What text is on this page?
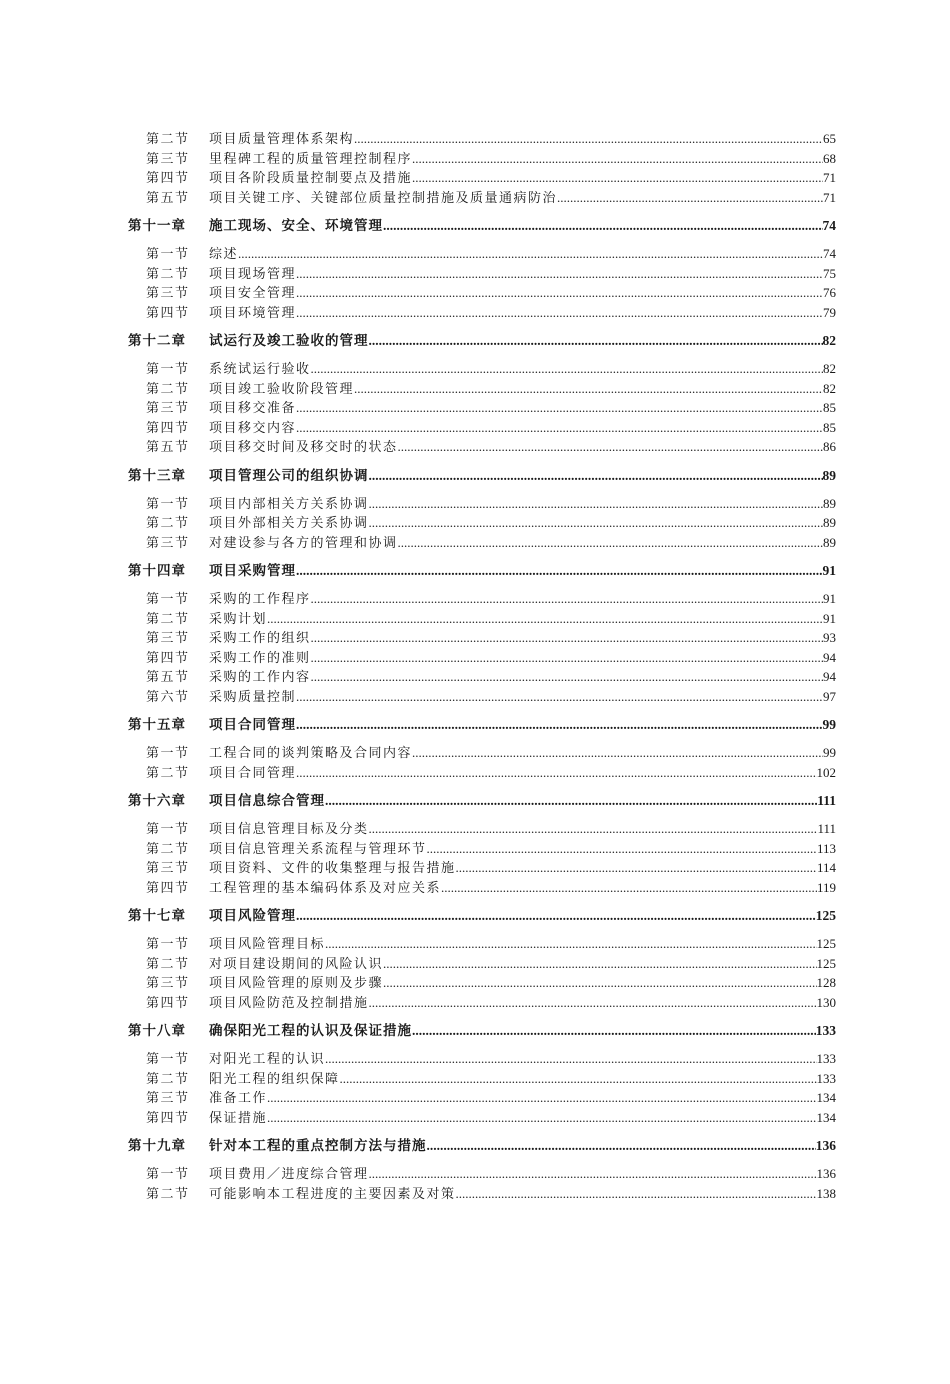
第二节	项目质量管理体系架构 .....	65
第三节	里程碑工程的质量管理控制程序 .....	68
第四节	项目各阶段质量控制要点及措施 .....	71
第五节	项目关键工序、关键部位质量控制措施及质量通病防治 .....	71
第十一章	施工现场、安全、环境管理 .....	74
第一节	综述 .....	74
第二节	项目现场管理 .....	75
第三节	项目安全管理 .....	76
第四节	项目环境管理 .....	79
第十二章	试运行及竣工验收的管理 .....	82
第一节	系统试运行验收 .....	82
第二节	项目竣工验收阶段管理 .....	82
第三节	项目移交准备 .....	85
第四节	项目移交内容 .....	85
第五节	项目移交时间及移交时的状态 .....	86
第十三章	项目管理公司的组织协调 .....	89
第一节	项目内部相关方关系协调 .....	89
第二节	项目外部相关方关系协调 .....	89
第三节	对建设参与各方的管理和协调 .....	89
第十四章	项目采购管理 .....	91
第一节	采购的工作程序 .....	91
第二节	采购计划 .....	91
第三节	采购工作的组织 .....	93
第四节	采购工作的准则 .....	94
第五节	采购的工作内容 .....	94
第六节	采购质量控制 .....	97
第十五章	项目合同管理 .....	99
第一节	工程合同的谈判策略及合同内容 .....	99
第二节	项目合同管理 .....	102
第十六章	项目信息综合管理 .....	111
第一节	项目信息管理目标及分类 .....	111
第二节	项目信息管理关系流程与管理环节 .....	113
第三节	项目资料、文件的收集整理与报告措施 .....	114
第四节	工程管理的基本编码体系及对应关系 .....	119
第十七章	项目风险管理 .....	125
第一节	项目风险管理目标 .....	125
第二节	对项目建设期间的风险认识 .....	125
第三节	项目风险管理的原则及步骤 .....	128
第四节	项目风险防范及控制措施 .....	130
第十八章	确保阳光工程的认识及保证措施 .....	133
第一节	对阳光工程的认识 .....	133
第二节	阳光工程的组织保障 .....	133
第三节	准备工作 .....	134
第四节	保证措施 .....	134
第十九章	针对本工程的重点控制方法与措施 .....	136
第一节	项目费用／进度综合管理 .....	136
第二节	可能影响本工程进度的主要因素及对策 .....	138
